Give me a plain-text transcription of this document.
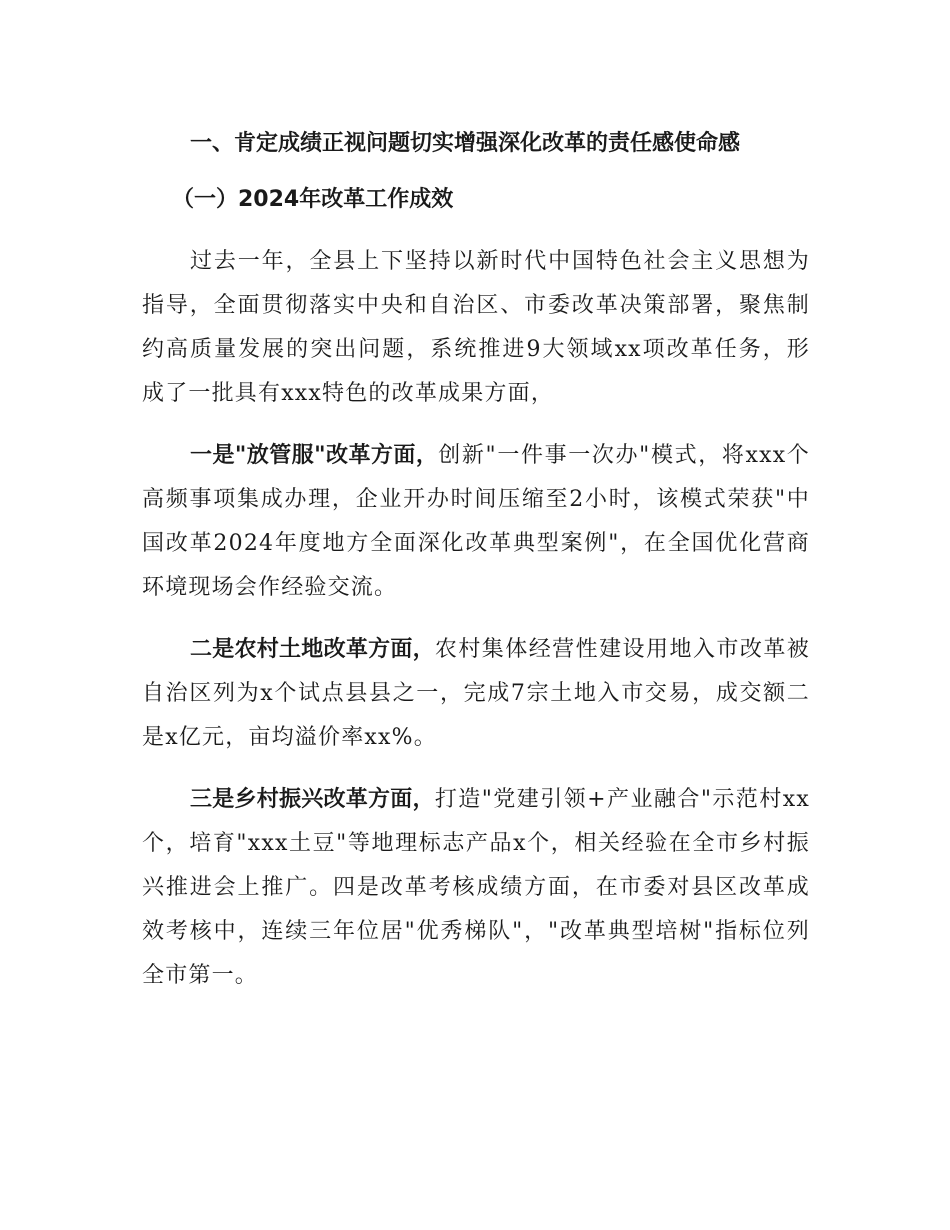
一、肯定成绩正视问题切实增强深化改革的责任感使命感
（一）2024年改革工作成效

过去一年，全县上下坚持以新时代中国特色社会主义思想为指导，全面贯彻落实中央和自治区、市委改革决策部署，聚焦制约高质量发展的突出问题，系统推进9大领域xx项改革任务，形成了一批具有xxx特色的改革成果方面，

一是"放管服"改革方面，创新"一件事一次办"模式，将xxx个高频事项集成办理，企业开办时间压缩至2小时，该模式荣获"中国改革2024年度地方全面深化改革典型案例"，在全国优化营商环境现场会作经验交流。

二是农村土地改革方面，农村集体经营性建设用地入市改革被自治区列为x个试点县县之一，完成7宗土地入市交易，成交额二是x亿元，亩均溢价率xx%。

三是乡村振兴改革方面，打造"党建引领+产业融合"示范村xx个，培育"xxx土豆"等地理标志产品x个，相关经验在全市乡村振兴推进会上推广。四是改革考核成绩方面，在市委对县区改革成效考核中，连续三年位居"优秀梯队"，"改革典型培树"指标位列全市第一。
